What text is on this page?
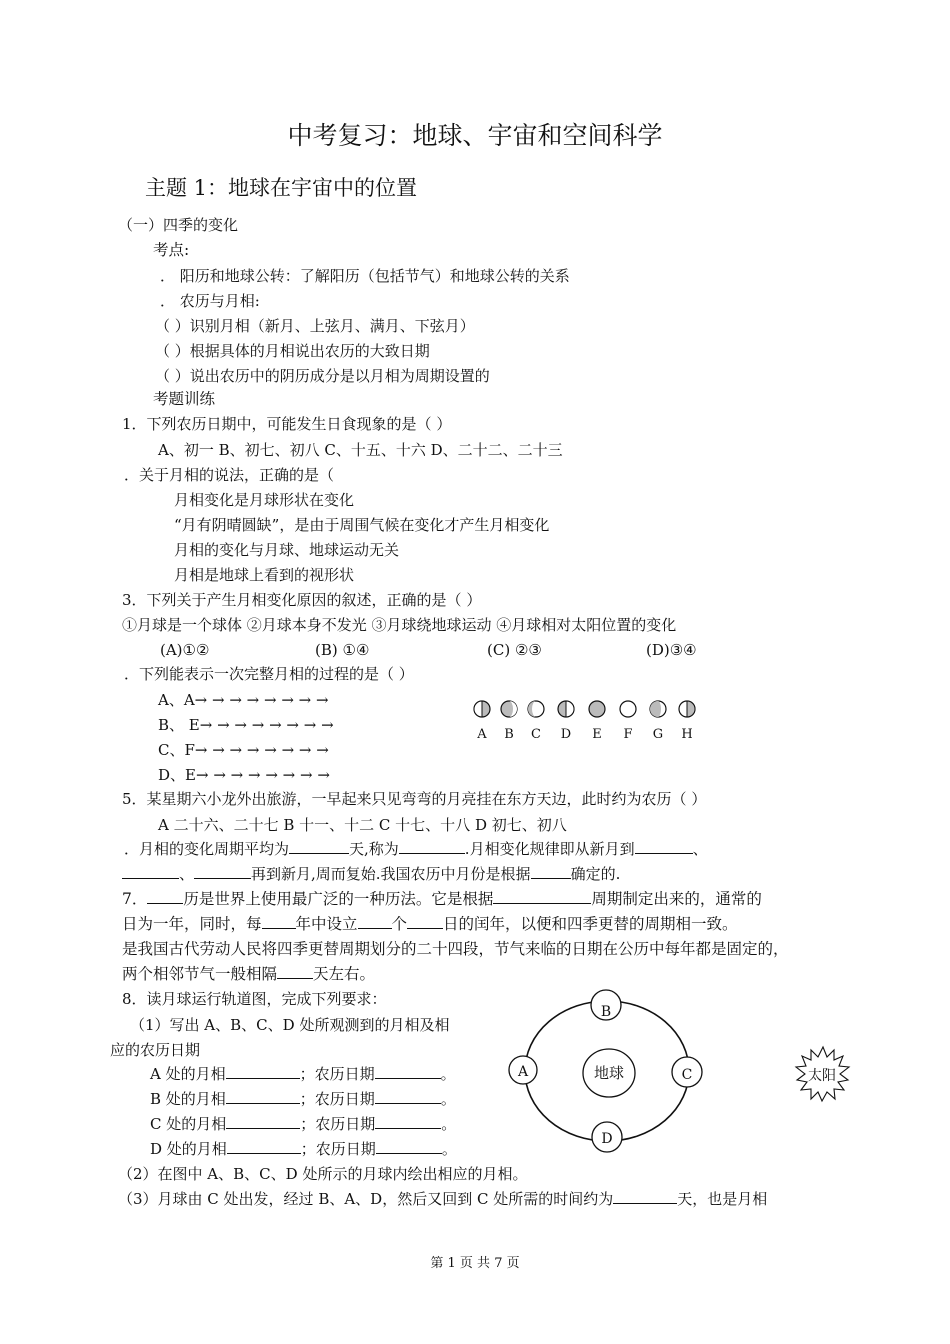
中考复习：地球、宇宙和空间科学
主题 1：地球在宇宙中的位置
（一）四季的变化
考点:
． 阳历和地球公转：了解阳历（包括节气）和地球公转的关系
． 农历与月相:
（ ）识别月相（新月、上弦月、满月、下弦月）
（ ）根据具体的月相说出农历的大致日期
（ ）说出农历中的阴历成分是以月相为周期设置的
考题训练
1．下列农历日期中，可能发生日食现象的是（ ）
A、初一 B、初七、初八 C、十五、十六 D、二十二、二十三
．关于月相的说法，正确的是（
月相变化是月球形状在变化
“月有阴晴圆缺”，是由于周围气候在变化才产生月相变化
月相的变化与月球、地球运动无关
月相是地球上看到的视形状
3．下列关于产生月相变化原因的叙述，正确的是（ ）
①月球是一个球体 ②月球本身不发光 ③月球绕地球运动 ④月球相对太阳位置的变化
(A)①②	(B) ①④	(C) ②③	(D)③④
．下列能表示一次完整月相的过程的是（ ）
A、A→ → → → → → → →
B、 E→ → → → → → → →
C、F→ → → → → → → →
D、E→ → → → → → → →
A B C D E F G H
5．某星期六小龙外出旅游，一早起来只见弯弯的月亮挂在东方天边，此时约为农历（ ）
A 二十六、二十七 B 十一、十二 C 十七、十八 D 初七、初八
．月相的变化周期平均为	天,称为	.月相变化规律即从新月到	、
、	再到新月,周而复始.我国农历中月份是根据	确定的.
7． 历是世界上使用最广泛的一种历法。它是根据	周期制定出来的，通常的
日为一年，同时，每 年中设立 个 日的闰年，以便和四季更替的周期相一致。
是我国古代劳动人民将四季更替周期划分的二十四段，节气来临的日期在公历中每年都是固定的，
两个相邻节气一般相隔 天左右。
8．读月球运行轨道图，完成下列要求：
（1）写出 A、B、C、D 处所观测到的月相及相
应的农历日期
A 处的月相	；农历日期	。
B 处的月相	；农历日期	。
C 处的月相	；农历日期	。
D 处的月相	；农历日期	。
（2）在图中 A、B、C、D 处所示的月球内绘出相应的月相。
（3）月球由 C 处出发，经过 B、A、D，然后又回到 C 处所需的时间约为	天，也是月相
地球
B
A	C
D
太阳
第 1 页 共 7 页
